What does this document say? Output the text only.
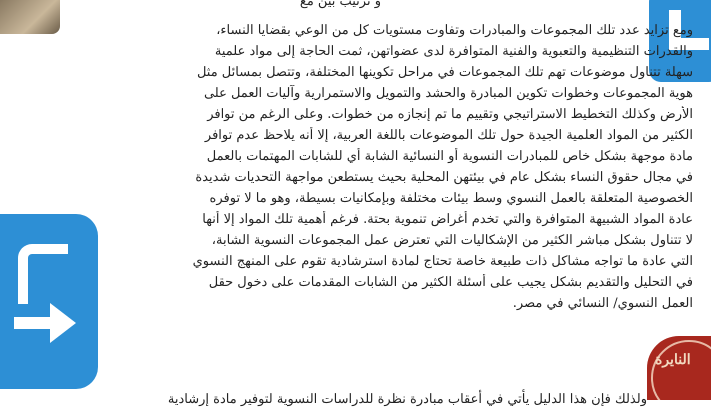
و ترتيب بين مع
ومع تزايد عدد تلك المجموعات والمبادرات وتفاوت مستويات كل من الوعي بقضايا النساء،
والقدرات التنظيمية والتعبوية والفنية المتوافرة لدى عضواتهن، ثمت الحاجة إلى مواد علمية
سهلة تتناول موضوعات تهم تلك المجموعات في مراحل تكوينها المختلفة، وتتصل بمسائل مثل
هوية المجموعات وخطوات تكوين المبادرة والحشد والتمويل والاستمرارية وآليات العمل على
الأرض وكذلك التخطيط الاستراتيجي وتقييم ما تم إنجازه من خطوات. وعلى الرغم من توافر
الكثير من المواد العلمية الجيدة حول تلك الموضوعات باللغة العربية، إلا أنه يلاحظ عدم توافر
مادة موجهة بشكل خاص للمبادرات النسوية أو النسائية الشابة أي للشابات المهتمات بالعمل
في مجال حقوق النساء بشكل عام في بيئتهن المحلية بحيث يستطعن مواجهة التحديات شديدة
الخصوصية المتعلقة بالعمل النسوي وسط بيئات مختلفة وبإمكانيات بسيطة، وهو ما لا توفره
عادة المواد الشبيهة المتوافرة والتي تخدم أغراض تنموية بحتة. فرغم أهمية تلك المواد إلا أنها
لا تتناول بشكل مباشر الكثير من الإشكاليات التي تعترض عمل المجموعات النسوية الشابة،
التي عادة ما تواجه مشاكل ذات طبيعة خاصة تحتاج لمادة استرشادية تقوم على المنهج النسوي
في التحليل والتقديم بشكل يجيب على أسئلة الكثير من الشابات المقدمات على دخول حقل
العمل النسوي/ النسائي في مصر.
ولذلك فإن هذا الدليل يأتي في أعقاب مبادرة نظرة للدراسات النسوية لتوفير مادة إرشادية
النايرة
